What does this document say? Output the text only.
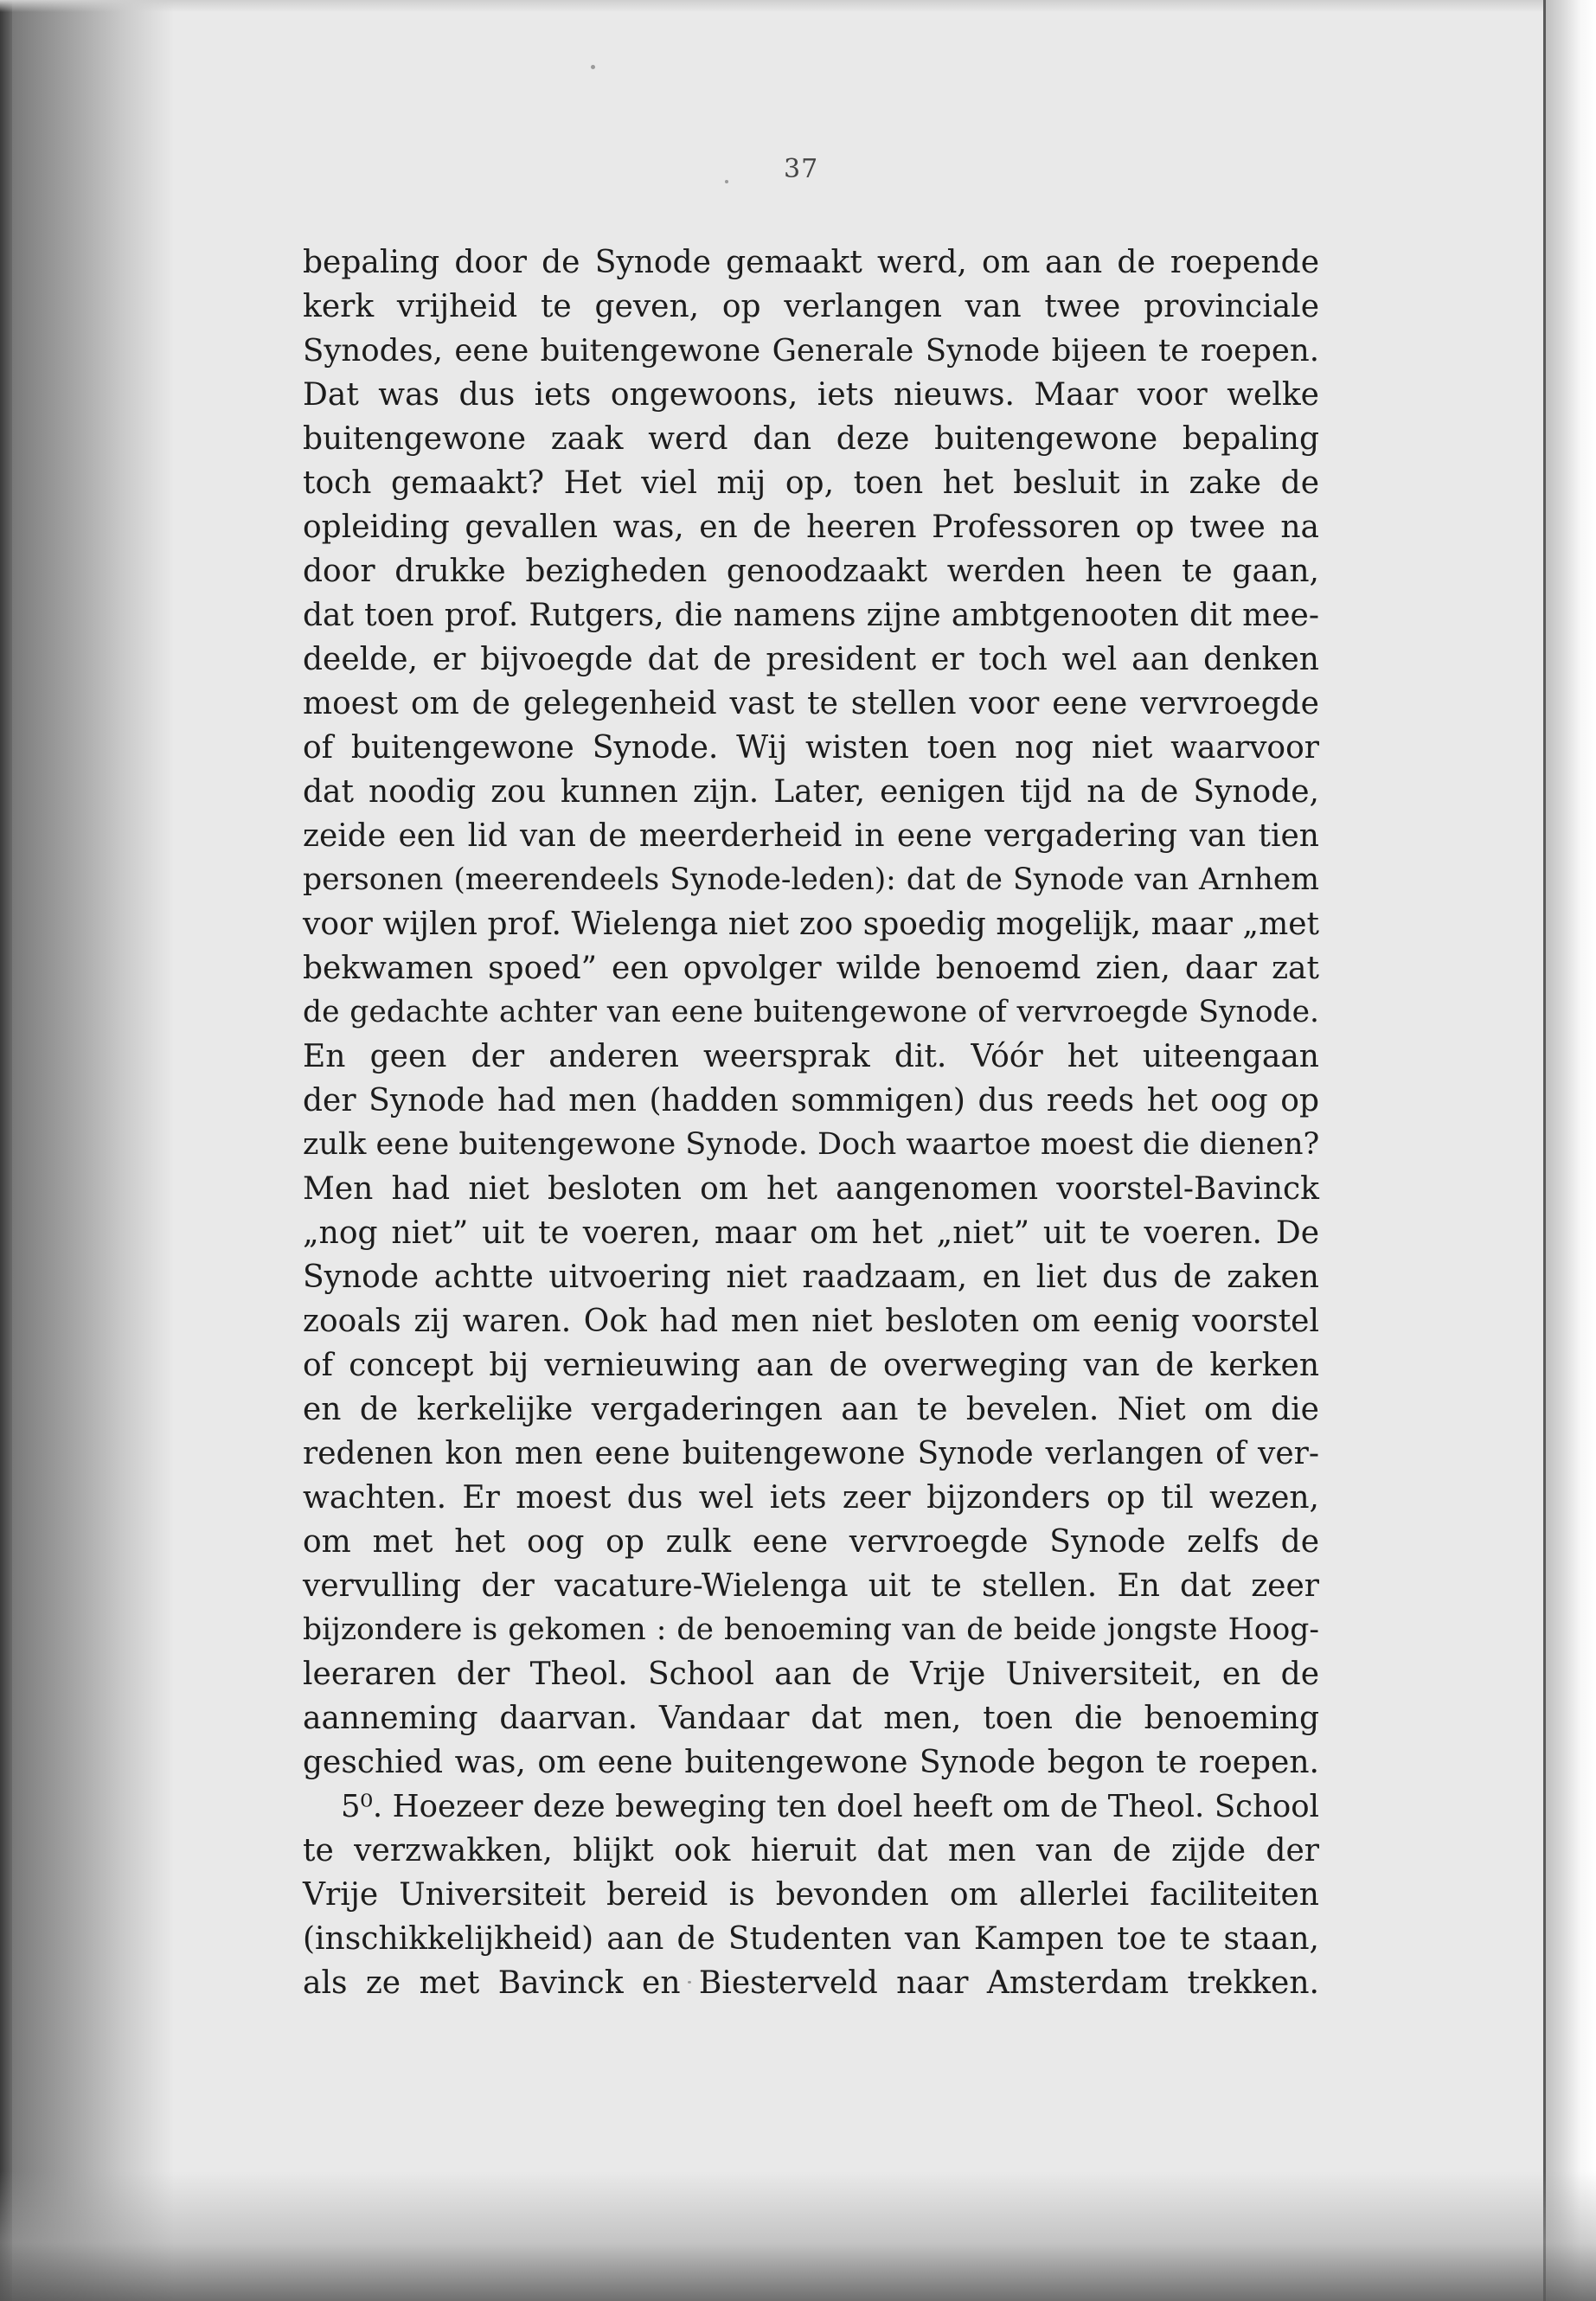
37
bepaling door de Synode gemaakt werd, om aan de roepende
kerk vrijheid te geven, op verlangen van twee provinciale
Synodes, eene buitengewone Generale Synode bijeen te roepen.
Dat was dus iets ongewoons, iets nieuws. Maar voor welke
buitengewone zaak werd dan deze buitengewone bepaling
toch gemaakt? Het viel mij op, toen het besluit in zake de
opleiding gevallen was, en de heeren Professoren op twee na
door drukke bezigheden genoodzaakt werden heen te gaan,
dat toen prof. Rutgers, die namens zijne ambtgenooten dit mee-
deelde, er bijvoegde dat de president er toch wel aan denken
moest om de gelegenheid vast te stellen voor eene vervroegde
of buitengewone Synode. Wij wisten toen nog niet waarvoor
dat noodig zou kunnen zijn. Later, eenigen tijd na de Synode,
zeide een lid van de meerderheid in eene vergadering van tien
personen (meerendeels Synode-leden): dat de Synode van Arnhem
voor wijlen prof. Wielenga niet zoo spoedig mogelijk, maar „met
bekwamen spoed” een opvolger wilde benoemd zien, daar zat
de gedachte achter van eene buitengewone of vervroegde Synode.
En geen der anderen weersprak dit. Vóór het uiteengaan
der Synode had men (hadden sommigen) dus reeds het oog op
zulk eene buitengewone Synode. Doch waartoe moest die dienen?
Men had niet besloten om het aangenomen voorstel-Bavinck
„nog niet” uit te voeren, maar om het „niet” uit te voeren. De
Synode achtte uitvoering niet raadzaam, en liet dus de zaken
zooals zij waren. Ook had men niet besloten om eenig voorstel
of concept bij vernieuwing aan de overweging van de kerken
en de kerkelijke vergaderingen aan te bevelen. Niet om die
redenen kon men eene buitengewone Synode verlangen of ver-
wachten. Er moest dus wel iets zeer bijzonders op til wezen,
om met het oog op zulk eene vervroegde Synode zelfs de
vervulling der vacature-Wielenga uit te stellen. En dat zeer
bijzondere is gekomen : de benoeming van de beide jongste Hoog-
leeraren der Theol. School aan de Vrije Universiteit, en de
aanneming daarvan. Vandaar dat men, toen die benoeming
geschied was, om eene buitengewone Synode begon te roepen.
5⁰. Hoezeer deze beweging ten doel heeft om de Theol. School
te verzwakken, blijkt ook hieruit dat men van de zijde der
Vrije Universiteit bereid is bevonden om allerlei faciliteiten
(inschikkelijkheid) aan de Studenten van Kampen toe te staan,
als ze met Bavinck en Biesterveld naar Amsterdam trekken.
